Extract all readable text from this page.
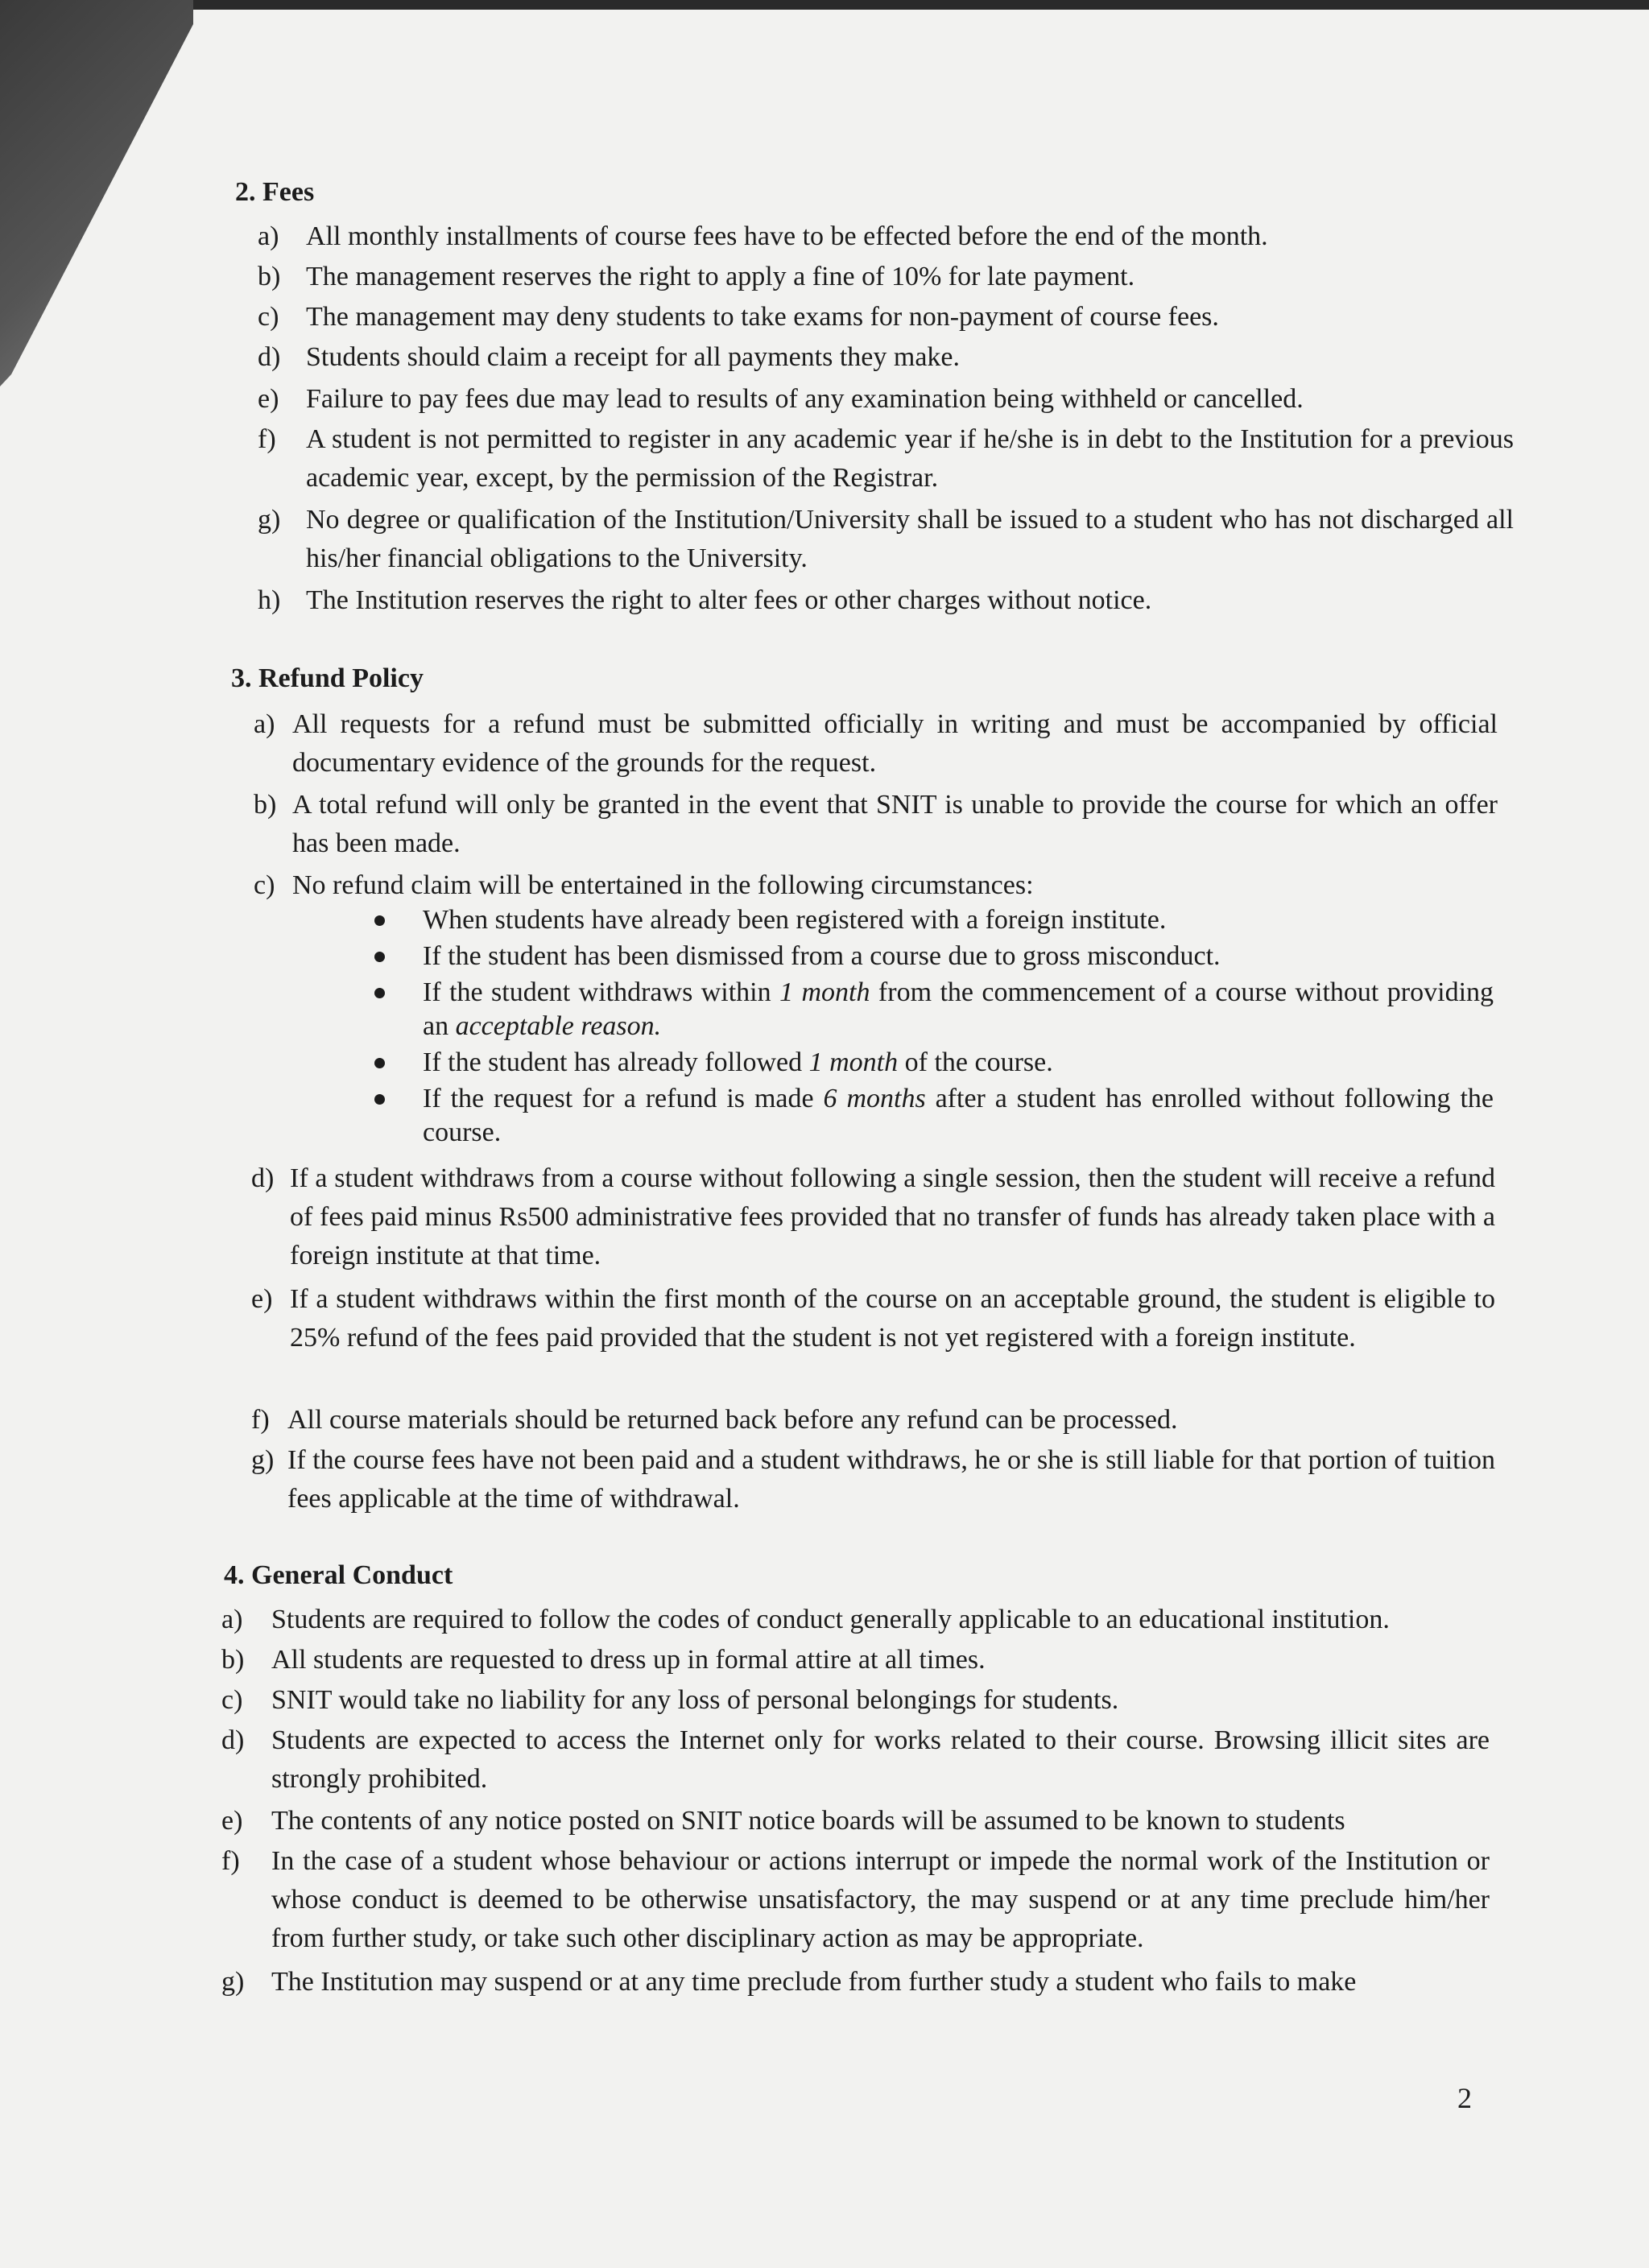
2. Fees
a) All monthly installments of course fees have to be effected before the end of the month.
b) The management reserves the right to apply a fine of 10% for late payment.
c) The management may deny students to take exams for non-payment of course fees.
d) Students should claim a receipt for all payments they make.
e) Failure to pay fees due may lead to results of any examination being withheld or cancelled.
f) A student is not permitted to register in any academic year if he/she is in debt to the Institution for a previous academic year, except, by the permission of the Registrar.
g) No degree or qualification of the Institution/University shall be issued to a student who has not discharged all his/her financial obligations to the University.
h) The Institution reserves the right to alter fees or other charges without notice.
3. Refund Policy
a) All requests for a refund must be submitted officially in writing and must be accompanied by official documentary evidence of the grounds for the request.
b) A total refund will only be granted in the event that SNIT is unable to provide the course for which an offer has been made.
c) No refund claim will be entertained in the following circumstances:
When students have already been registered with a foreign institute.
If the student has been dismissed from a course due to gross misconduct.
If the student withdraws within 1 month from the commencement of a course without providing an acceptable reason.
If the student has already followed 1 month of the course.
If the request for a refund is made 6 months after a student has enrolled without following the course.
d) If a student withdraws from a course without following a single session, then the student will receive a refund of fees paid minus Rs500 administrative fees provided that no transfer of funds has already taken place with a foreign institute at that time.
e) If a student withdraws within the first month of the course on an acceptable ground, the student is eligible to 25% refund of the fees paid provided that the student is not yet registered with a foreign institute.
f) All course materials should be returned back before any refund can be processed.
g) If the course fees have not been paid and a student withdraws, he or she is still liable for that portion of tuition fees applicable at the time of withdrawal.
4. General Conduct
a) Students are required to follow the codes of conduct generally applicable to an educational institution.
b) All students are requested to dress up in formal attire at all times.
c) SNIT would take no liability for any loss of personal belongings for students.
d) Students are expected to access the Internet only for works related to their course. Browsing illicit sites are strongly prohibited.
e) The contents of any notice posted on SNIT notice boards will be assumed to be known to students
f) In the case of a student whose behaviour or actions interrupt or impede the normal work of the Institution or whose conduct is deemed to be otherwise unsatisfactory, the may suspend or at any time preclude him/her from further study, or take such other disciplinary action as may be appropriate.
g) The Institution may suspend or at any time preclude from further study a student who fails to make
2
